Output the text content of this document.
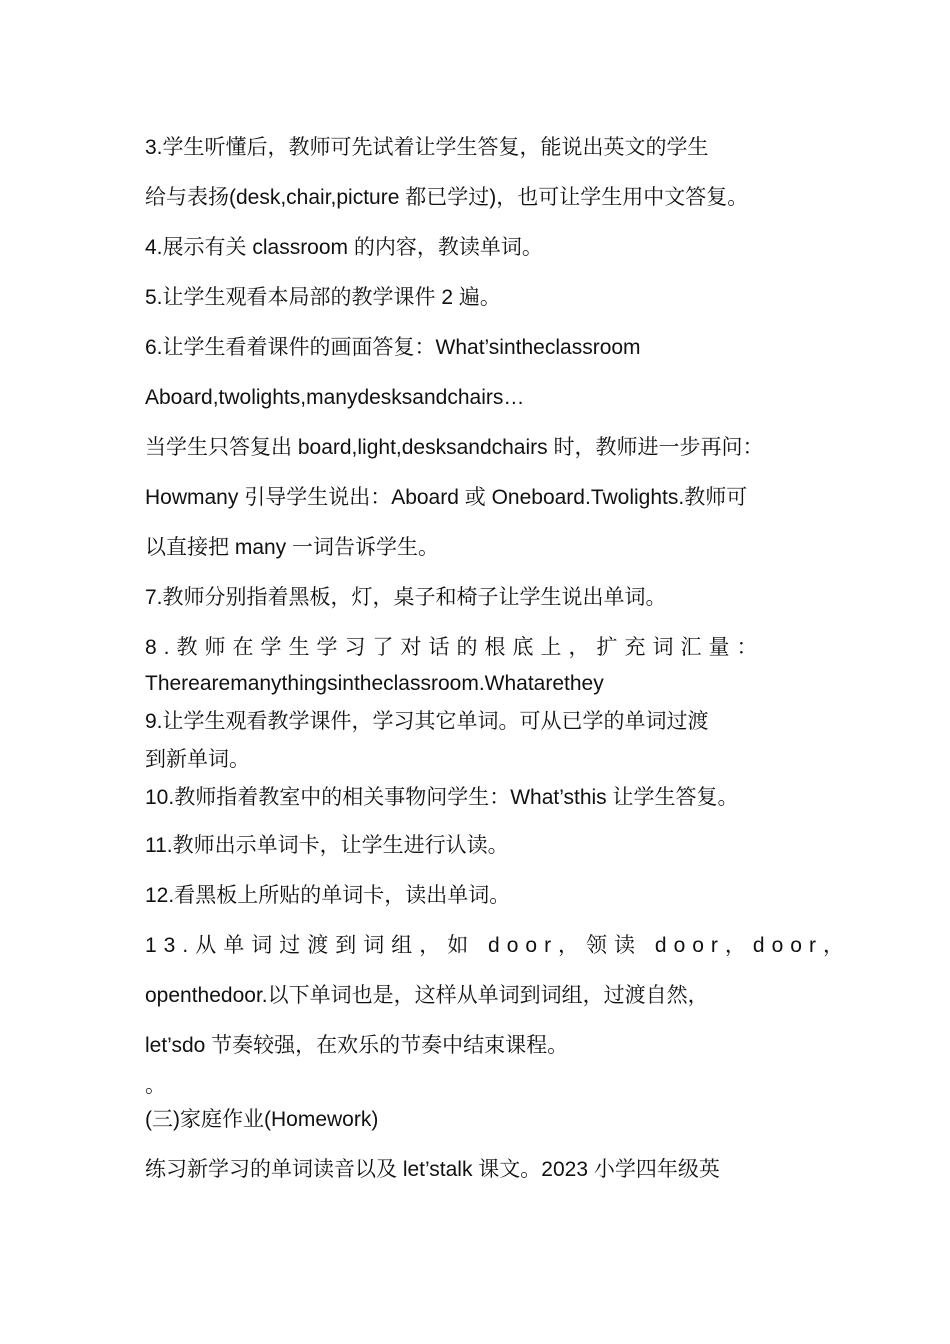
3.学生听懂后，教师可先试着让学生答复，能说出英文的学生
给与表扬(desk,chair,picture 都已学过)，也可让学生用中文答复。
4.展示有关 classroom 的内容，教读单词。
5.让学生观看本局部的教学课件 2 遍。
6.让学生看着课件的画面答复：What’sintheclassroom
Aboard,twolights,manydesksandchairs…
当学生只答复出 board,light,desksandchairs 时，教师进一步再问：
Howmany 引导学生说出：Aboard 或 Oneboard.Twolights.教师可
以直接把 many 一词告诉学生。
7.教师分别指着黑板，灯，桌子和椅子让学生说出单词。
8.教师在学生学习了对话的根底上，扩充词汇量：
Therearemanythingsintheclassroom.Whatarethey
9.让学生观看教学课件，学习其它单词。可从已学的单词过渡
到新单词。
10.教师指着教室中的相关事物问学生：What’sthis 让学生答复。
11.教师出示单词卡，让学生进行认读。
12.看黑板上所贴的单词卡，读出单词。
13.从单词过渡到词组，如 door，领读 door，door，
openthedoor.以下单词也是，这样从单词到词组，过渡自然，
let’sdo 节奏较强，在欢乐的节奏中结束课程。
。
(三)家庭作业(Homework)
练习新学习的单词读音以及 let’stalk 课文。2023 小学四年级英
